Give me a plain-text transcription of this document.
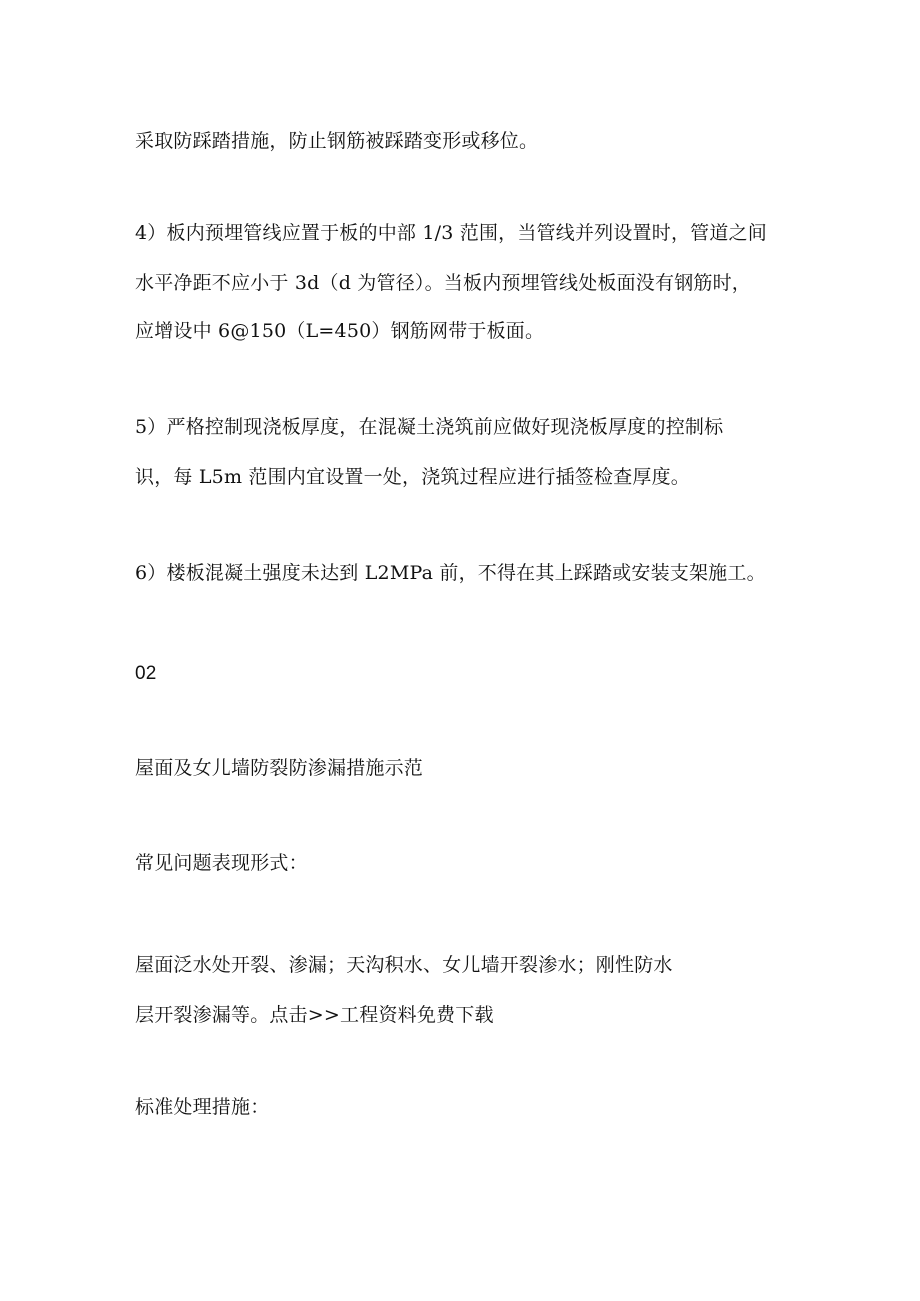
采取防踩踏措施，防止钢筋被踩踏变形或移位。
4）板内预埋管线应置于板的中部 1/3 范围，当管线并列设置时，管道之间
水平净距不应小于 3d（d 为管径）。当板内预埋管线处板面没有钢筋时，
应增设中 6@150（L=450）钢筋网带于板面。
5）严格控制现浇板厚度，在混凝土浇筑前应做好现浇板厚度的控制标
识，每 L5m 范围内宜设置一处，浇筑过程应进行插签检查厚度。
6）楼板混凝土强度未达到 L2MPa 前，不得在其上踩踏或安装支架施工。
02
屋面及女儿墙防裂防渗漏措施示范
常见问题表现形式：
屋面泛水处开裂、渗漏；天沟积水、女儿墙开裂渗水；刚性防水
层开裂渗漏等。点击>>工程资料免费下载
标准处理措施：
